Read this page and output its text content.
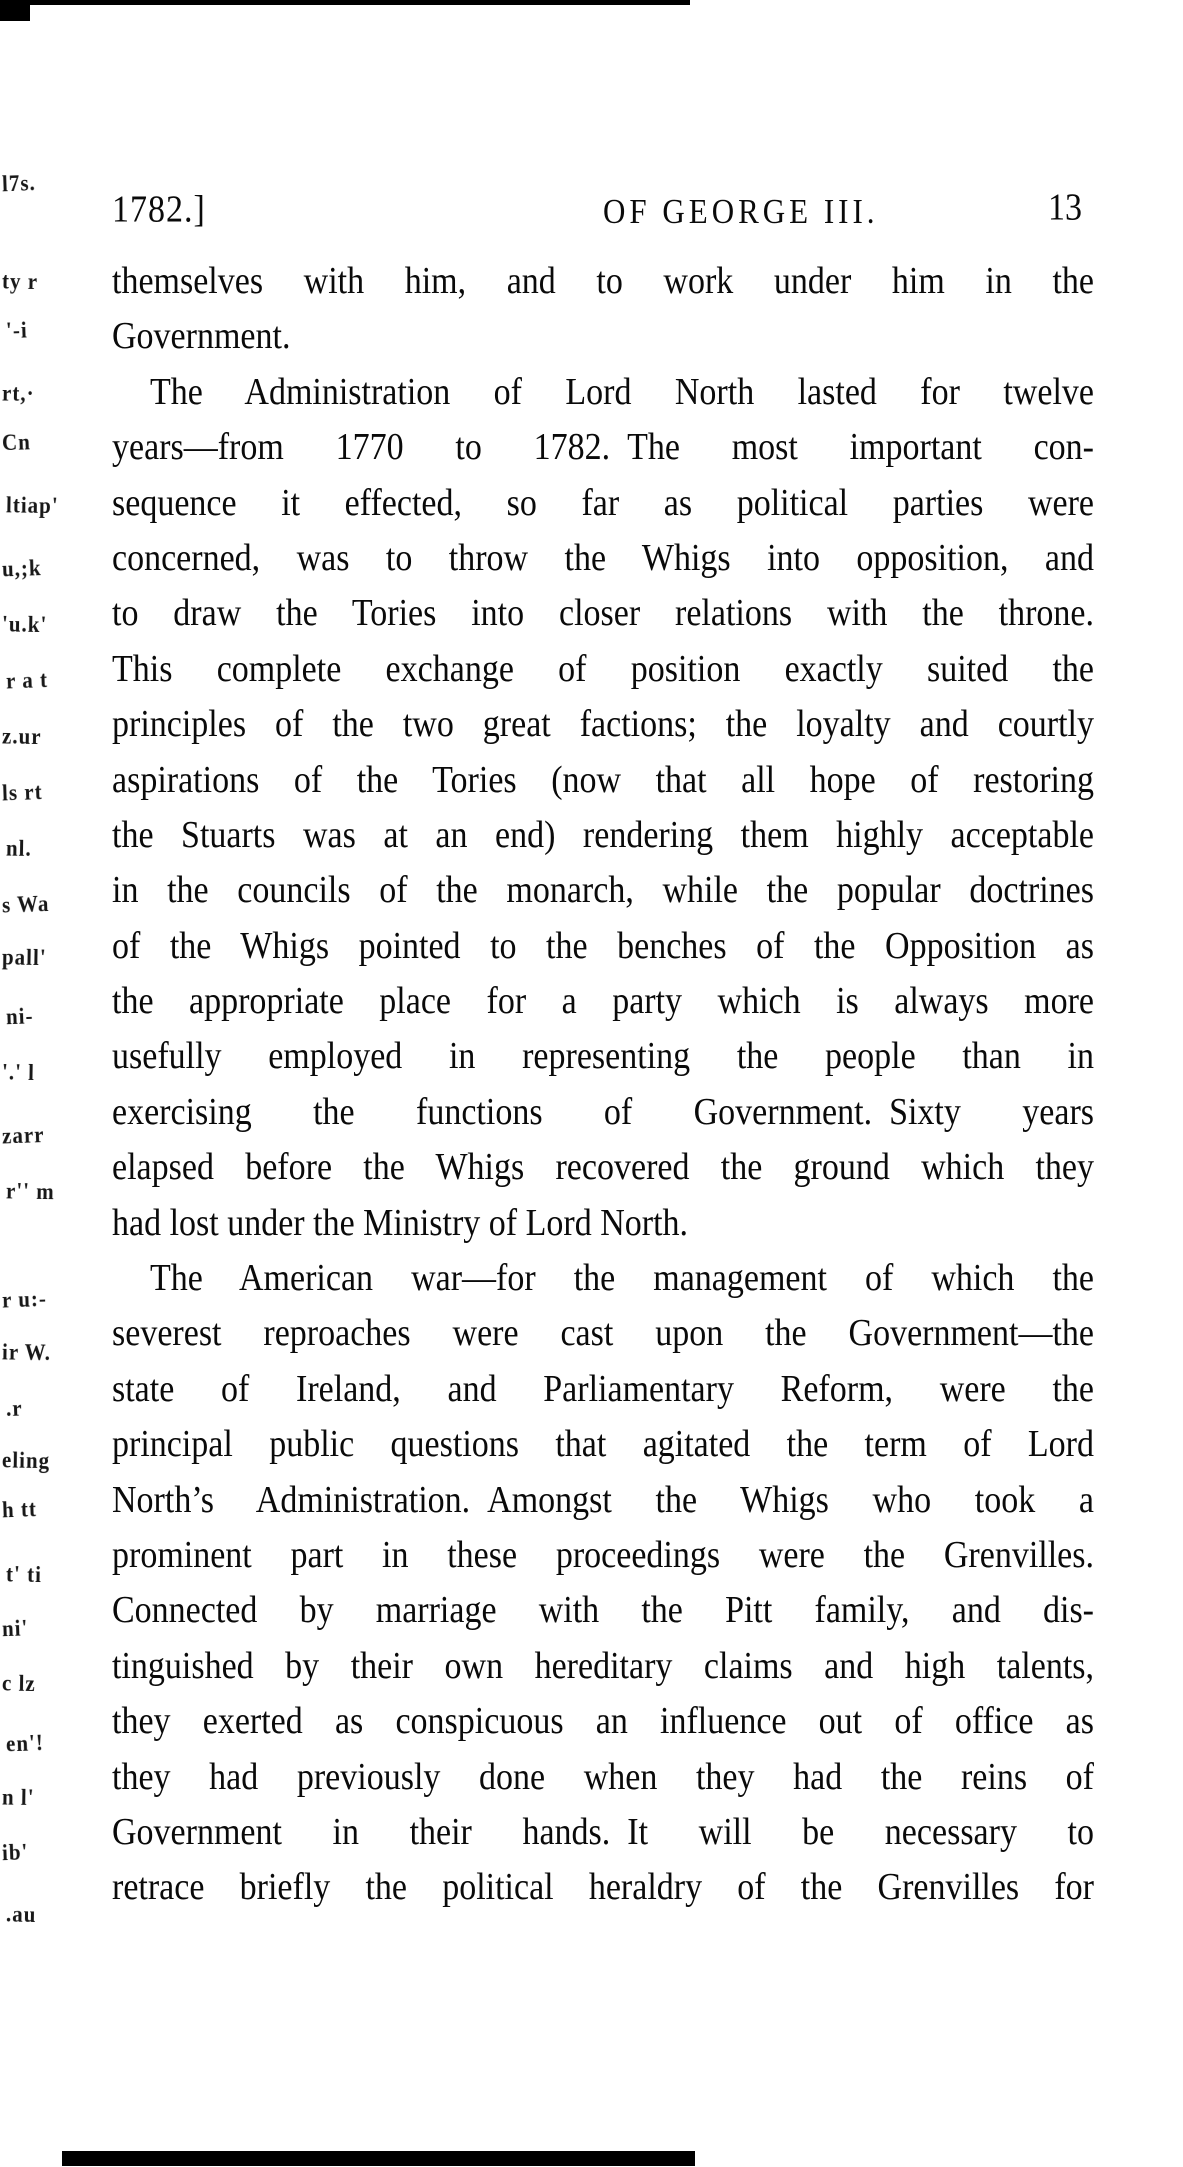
l7s.
ty r
'-i
rt,·
Cn
ltiap'
u,;k
'u.k'
r a t
z.ur
ls rt
nl.
s Wa
pall'
ni-
'.' l
zarr
r'' m
r u:-
ir W.
.r
eling
h tt
t' ti
ni'
c lz
en'!
n l'
ib'
.au
1782.]	OF GEORGE III.	13
themselves with him, and to work under him in the
Government.
The Administration of Lord North lasted for twelve
years—from 1770 to 1782. The most important con-
sequence it effected, so far as political parties were
concerned, was to throw the Whigs into opposition, and
to draw the Tories into closer relations with the throne.
This complete exchange of position exactly suited the
principles of the two great factions; the loyalty and courtly
aspirations of the Tories (now that all hope of restoring
the Stuarts was at an end) rendering them highly acceptable
in the councils of the monarch, while the popular doctrines
of the Whigs pointed to the benches of the Opposition as
the appropriate place for a party which is always more
usefully employed in representing the people than in
exercising the functions of Government. Sixty years
elapsed before the Whigs recovered the ground which they
had lost under the Ministry of Lord North.
The American war—for the management of which the
severest reproaches were cast upon the Government—the
state of Ireland, and Parliamentary Reform, were the
principal public questions that agitated the term of Lord
North’s Administration. Amongst the Whigs who took a
prominent part in these proceedings were the Grenvilles.
Connected by marriage with the Pitt family, and dis-
tinguished by their own hereditary claims and high talents,
they exerted as conspicuous an influence out of office as
they had previously done when they had the reins of
Government in their hands. It will be necessary to
retrace briefly the political heraldry of the Grenvilles for
